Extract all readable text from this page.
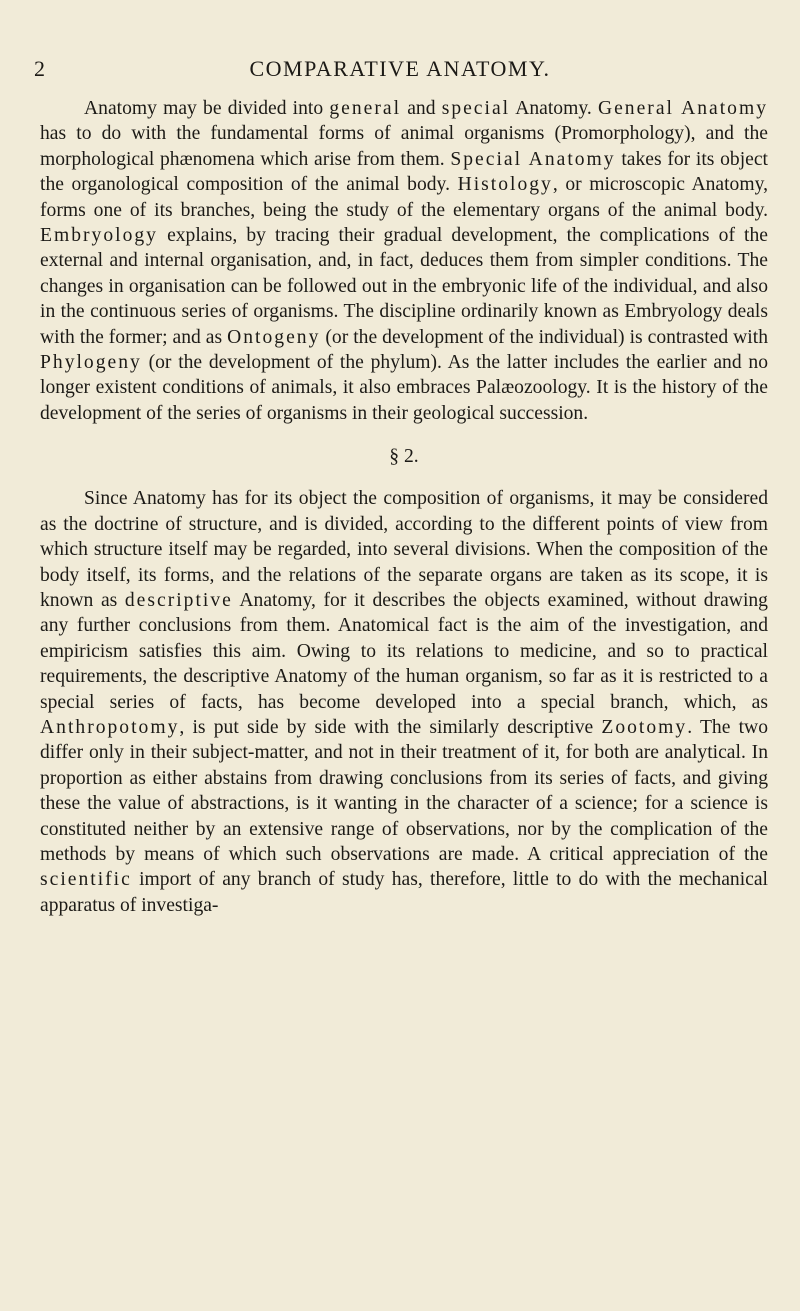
2	COMPARATIVE ANATOMY.

Anatomy may be divided into general and special Anatomy. General Anatomy has to do with the fundamental forms of animal organisms (Promorphology), and the morphological phænomena which arise from them. Special Anatomy takes for its object the organological composition of the animal body. Histology, or microscopic Anatomy, forms one of its branches, being the study of the elementary organs of the animal body. Embryology explains, by tracing their gradual development, the complications of the external and internal organisation, and, in fact, deduces them from simpler conditions. The changes in organisation can be followed out in the embryonic life of the individual, and also in the continuous series of organisms. The discipline ordinarily known as Embryology deals with the former; and as Ontogeny (or the development of the individual) is contrasted with Phylogeny (or the development of the phylum). As the latter includes the earlier and no longer existent conditions of animals, it also embraces Palæozoology. It is the history of the development of the series of organisms in their geological succession.

§ 2.

Since Anatomy has for its object the composition of organisms, it may be considered as the doctrine of structure, and is divided, according to the different points of view from which structure itself may be regarded, into several divisions. When the composition of the body itself, its forms, and the relations of the separate organs are taken as its scope, it is known as descriptive Anatomy, for it describes the objects examined, without drawing any further conclusions from them. Anatomical fact is the aim of the investigation, and empiricism satisfies this aim. Owing to its relations to medicine, and so to practical requirements, the descriptive Anatomy of the human organism, so far as it is restricted to a special series of facts, has become developed into a special branch, which, as Anthropotomy, is put side by side with the similarly descriptive Zootomy. The two differ only in their subject-matter, and not in their treatment of it, for both are analytical. In proportion as either abstains from drawing conclusions from its series of facts, and giving these the value of abstractions, is it wanting in the character of a science; for a science is constituted neither by an extensive range of observations, nor by the complication of the methods by means of which such observations are made. A critical appreciation of the scientific import of any branch of study has, therefore, little to do with the mechanical apparatus of investiga-
